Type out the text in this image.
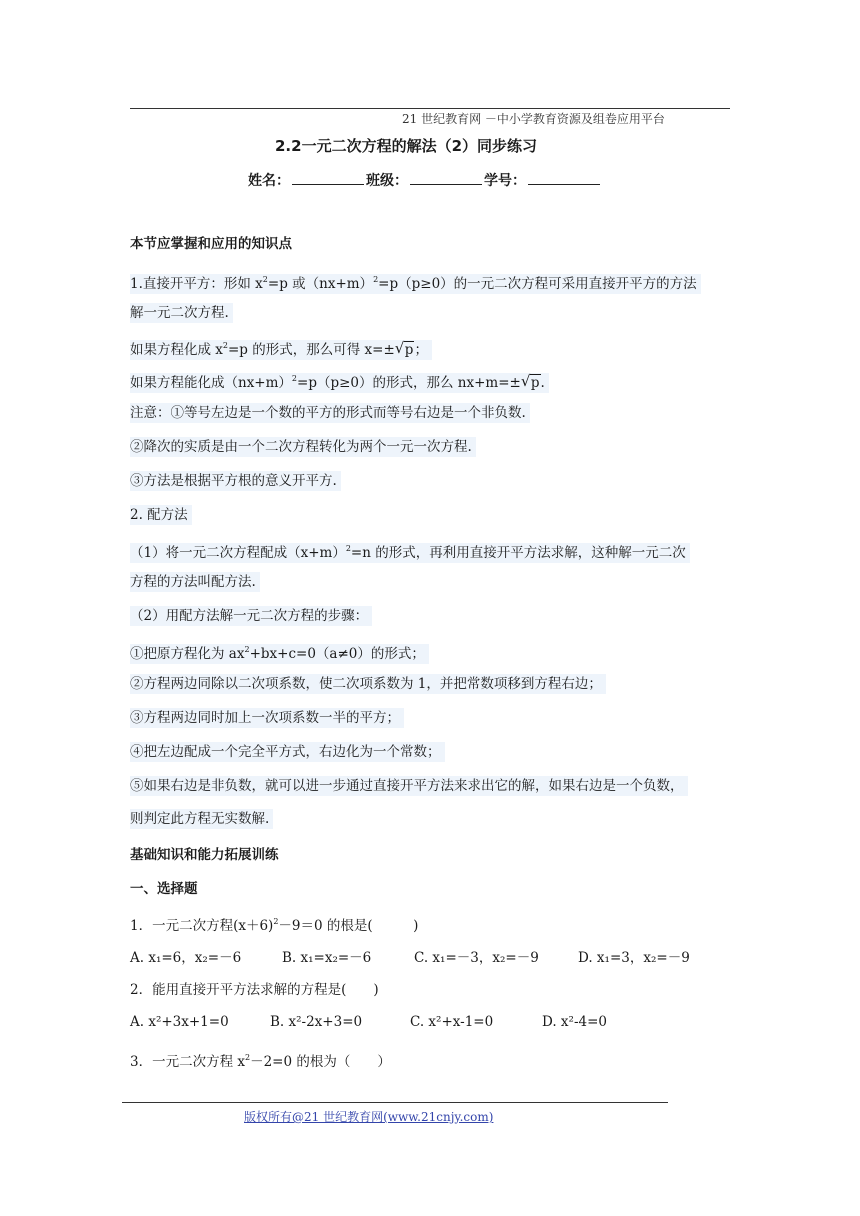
21 世纪教育网 －中小学教育资源及组卷应用平台
2.2一元二次方程的解法（2）同步练习
姓名：	班级：	学号：
本节应掌握和应用的知识点
1.直接开平方：形如 $x^2=p$ 或$(nx+m)^2=p(p\ge 0)$的一元二次方程可采用直接开平方的方法
解一元二次方程.
如果方程化成 $x^2=p$ 的形式，那么可得 x=± √ p；
如果方程能化成$(nx+m)^2=p(p\ge 0)$的形式，那么 nx+m=± √ p.
注意：①等号左边是一个数的平方的形式而等号右边是一个非负数.
②降次的实质是由一个二次方程转化为两个一元一次方程.
③方法是根据平方根的意义开平方.
2. 配方法
（1）将一元二次方程配成$(x+m)^2=n$ 的形式，再利用直接开平方法求解，这种解一元二次
方程的方法叫配方法.
（2）用配方法解一元二次方程的步骤：
①把原方程化为 $ax^2+bx+c=0(a\ne 0)$的形式；
②方程两边同除以二次项系数，使二次项系数为 1，并把常数项移到方程右边；
③方程两边同时加上一次项系数一半的平方；
④把左边配成一个完全平方式，右边化为一个常数；
⑤如果右边是非负数，就可以进一步通过直接开平方法来求出它的解，如果右边是一个负数，
则判定此方程无实数解.
基础知识和能力拓展训练
一、选择题
1．一元二次方程$(x+6)^2-9=0$ 的根是(　　　)
A. x₁=6，x₂=－6	B. x₁=x₂=－6	C. x₁=－3，x₂=－9	D. x₁=3，x₂=－9
2．能用直接开平方法求解的方程是(　　)
A. x²+3x+1=0	B. x²-2x+3=0	C. x²+x-1=0	D. x²-4=0
3．一元二次方程 $x^2-2=0$ 的根为（　　）
版权所有@21 世纪教育网(www.21cnjy.com)
